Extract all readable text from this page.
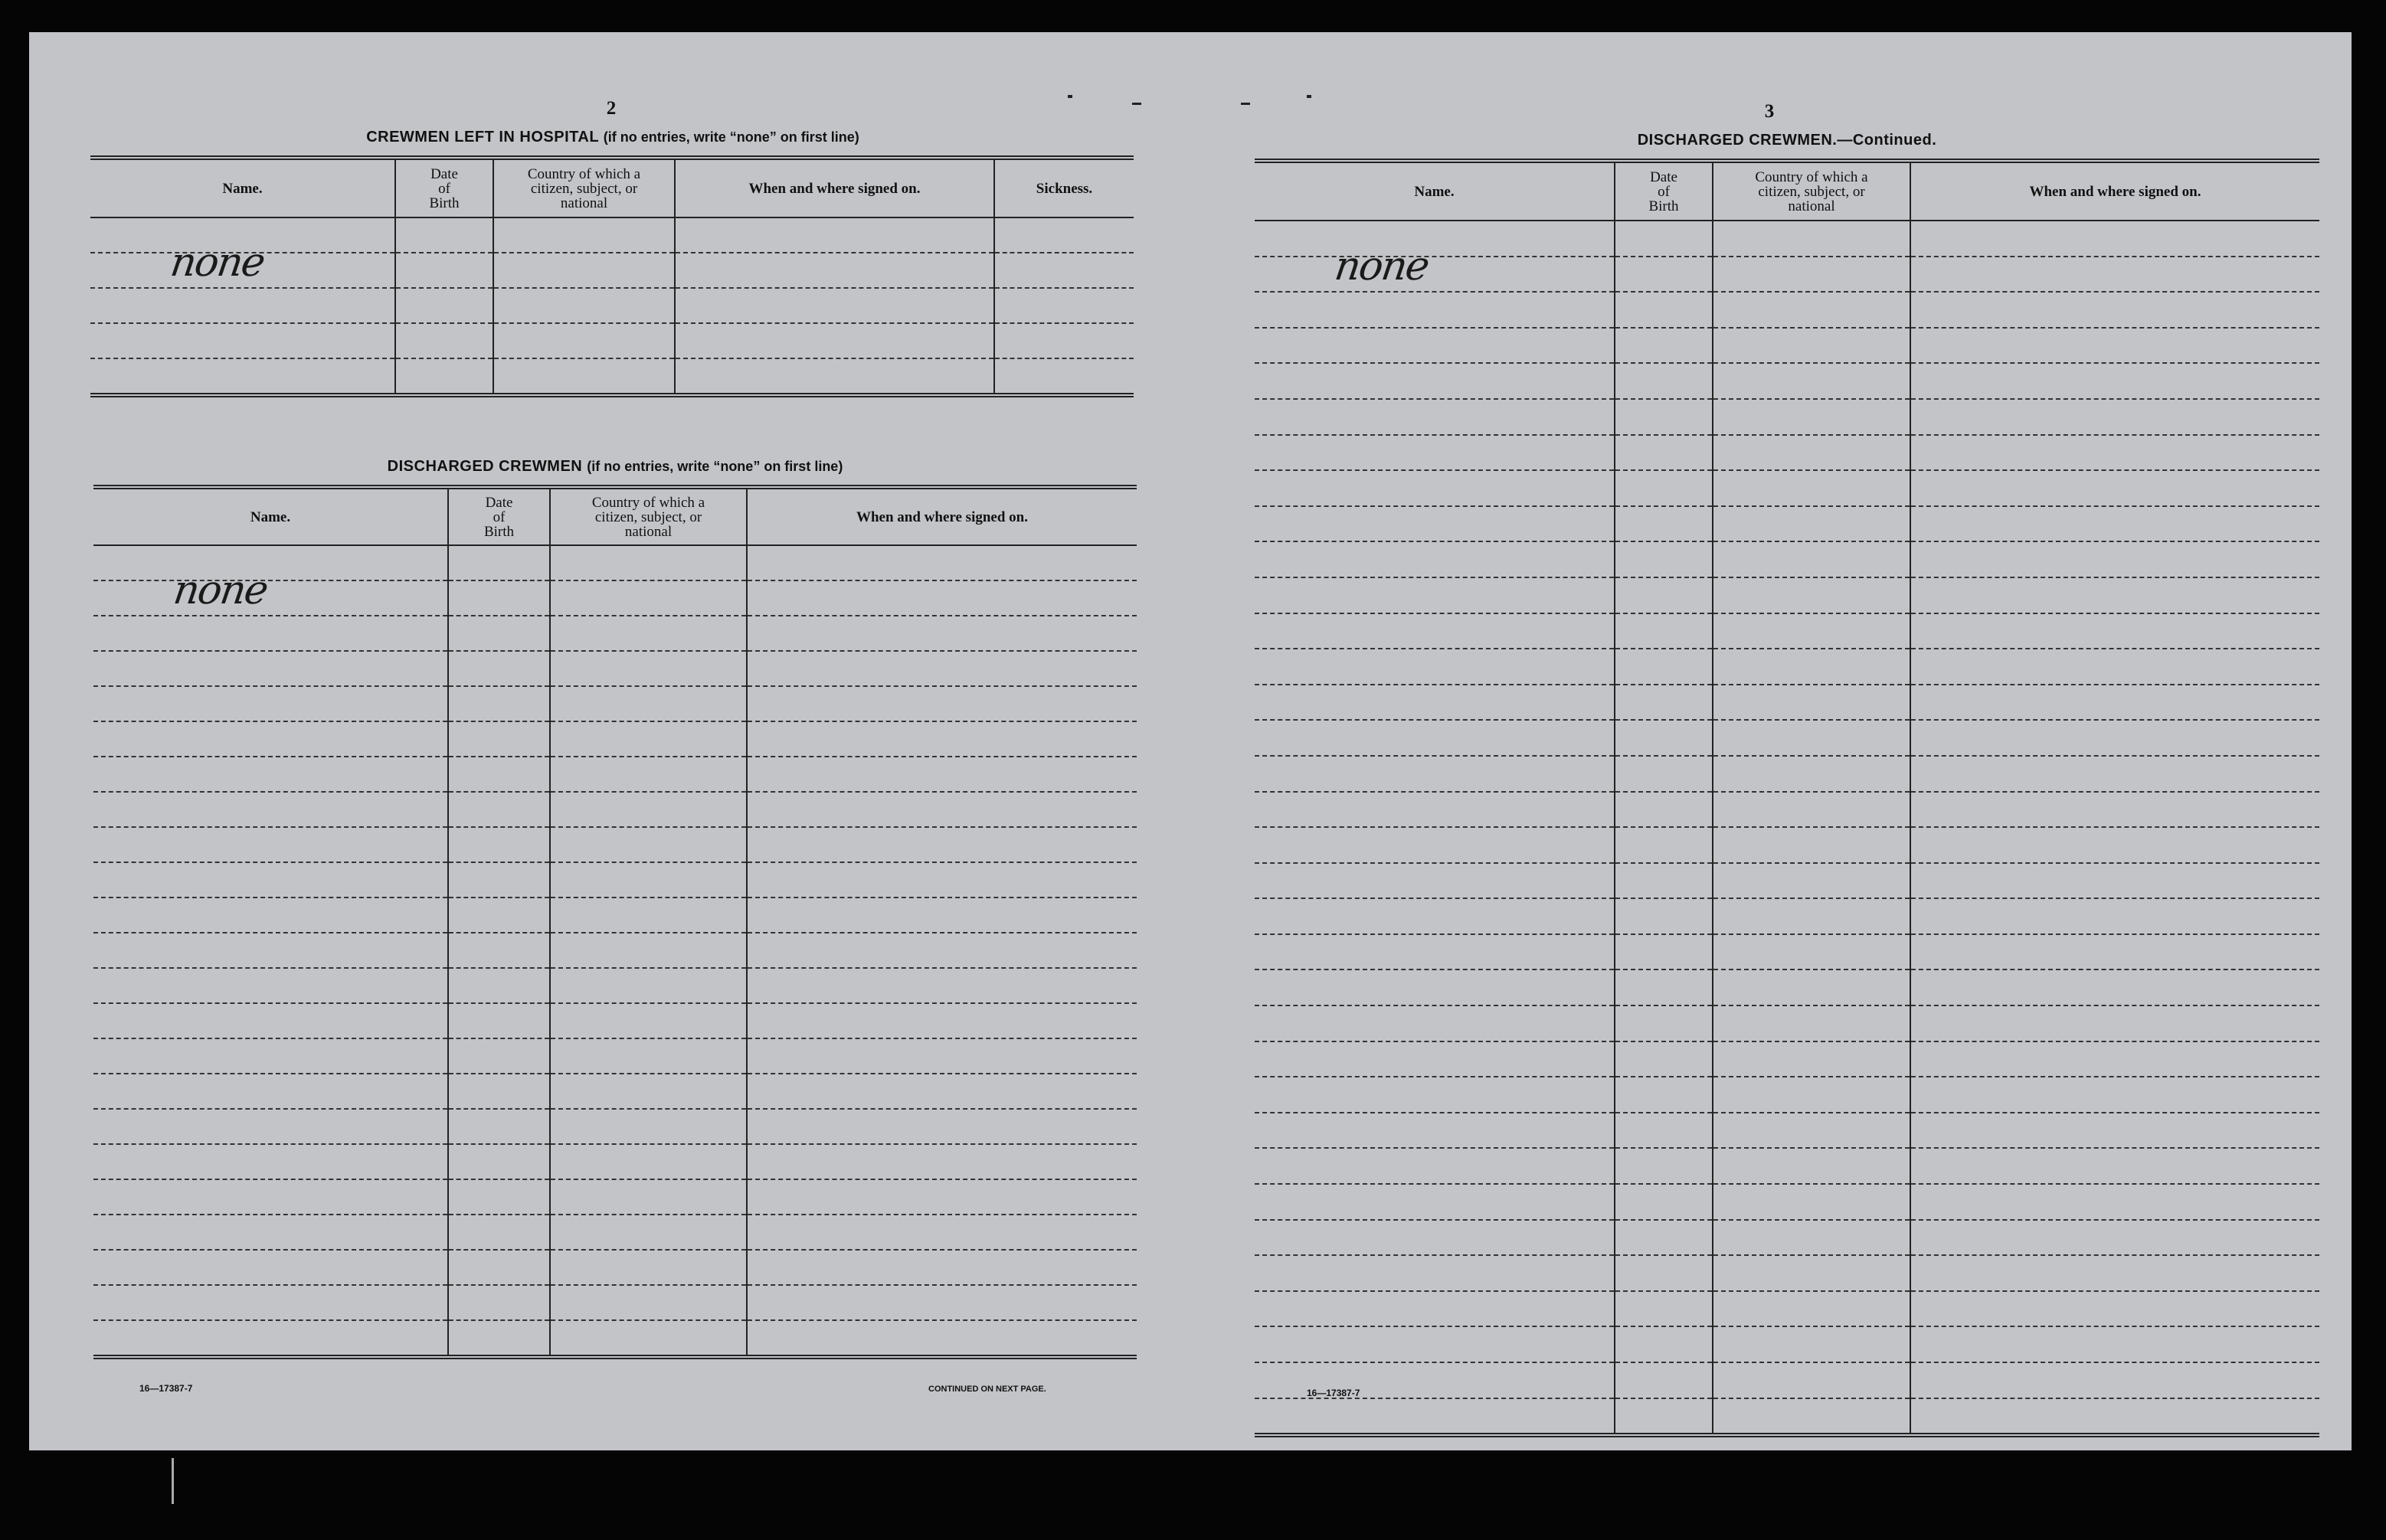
2
CREWMEN LEFT IN HOSPITAL (if no entries, write “none” on first line)
Name.	Date
of
Birth	Country of which a
citizen, subject, or
national	When and where signed on.	Sickness.

none				

DISCHARGED CREWMEN (if no entries, write “none” on first line)
Name.	Date
of
Birth	Country of which a
citizen, subject, or
national	When and where signed on.

none			

16—17387-7	CONTINUED ON NEXT PAGE.
3
DISCHARGED CREWMEN.—Continued.
Name.	Date
of
Birth	Country of which a
citizen, subject, or
national	When and where signed on.

none			

16—17387-7
